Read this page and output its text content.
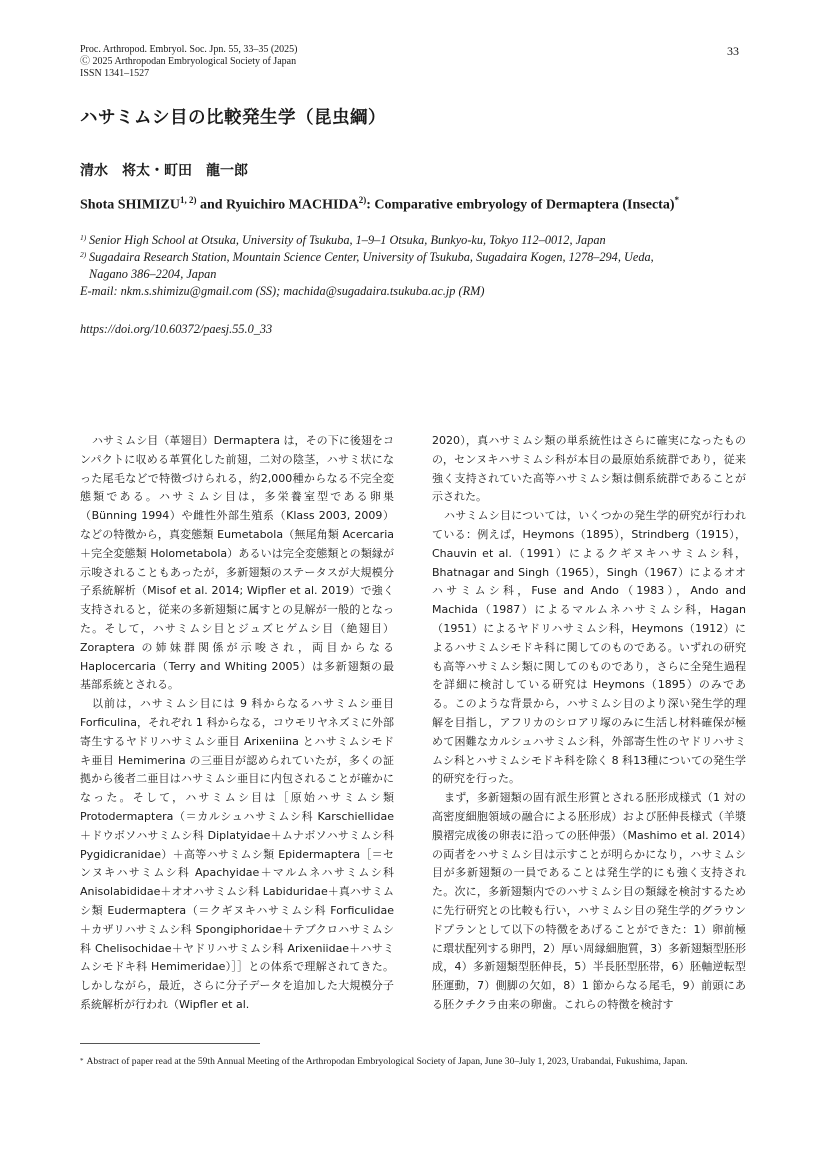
Proc. Arthropod. Embryol. Soc. Jpn. 55, 33–35 (2025)
Ⓒ 2025 Arthropodan Embryological Society of Japan
ISSN 1341–1527
33
ハサミムシ目の比較発生学（昆虫綱）
清水　将太・町田　龍一郎
Shota SHIMIZU$^{1, 2)}$ and Ryuichiro MACHIDA$^{2)}$: Comparative embryology of Dermaptera (Insecta)*
1) Senior High School at Otsuka, University of Tsukuba, 1–9–1 Otsuka, Bunkyo-ku, Tokyo 112–0012, Japan
2) Sugadaira Research Station, Mountain Science Center, University of Tsukuba, Sugadaira Kogen, 1278–294, Ueda,
Nagano 386–2204, Japan
E-mail: nkm.s.shimizu@gmail.com (SS); machida@sugadaira.tsukuba.ac.jp (RM)
https://doi.org/10.60372/paesj.55.0_33

ハサミムシ目（革翅目）Dermaptera は，その下に後翅をコンパクトに収める革質化した前翅，二対の陰茎，ハサミ状になった尾毛などで特徴づけられる，約2,000種からなる不完全変態類である。ハサミムシ目は，多栄養室型である卵巣（Bünning 1994）や雌性外部生殖系（Klass 2003, 2009）などの特徴から，真変態類 Eumetabola（無尾角類 Acercaria＋完全変態類 Holometabola）あるいは完全変態類との類縁が示唆されることもあったが，多新翅類のステータスが大規模分子系統解析（Misof et al. 2014; Wipfler et al. 2019）で強く支持されると，従来の多新翅類に属すとの見解が一般的となった。そして，ハサミムシ目とジュズヒゲムシ目（絶翅目）Zoraptera の姉妹群関係が示唆され，両目からなる Haplocercaria（Terry and Whiting 2005）は多新翅類の最基部系統とされる。

以前は，ハサミムシ目には 9 科からなるハサミムシ亜目 Forficulina，それぞれ 1 科からなる，コウモリヤネズミに外部寄生するヤドリハサミムシ亜目 Arixeniina とハサミムシモドキ亜目 Hemimerina の三亜目が認められていたが，多くの証拠から後者二亜目はハサミムシ亜目に内包されることが確かになった。そして，ハサミムシ目は［原始ハサミムシ類 Protodermaptera（＝カルシュハサミムシ科 Karschiellidae＋ドウボソハサミムシ科 Diplatyidae＋ムナボソハサミムシ科 Pygidicranidae）＋高等ハサミムシ類 Epidermaptera［＝センヌキハサミムシ科 Apachyidae＋マルムネハサミムシ科 Anisolabididae＋オオハサミムシ科 Labiduridae＋真ハサミムシ類 Eudermaptera（＝クギヌキハサミムシ科 Forficulidae＋カザリハサミムシ科 Spongiphoridae＋テブクロハサミムシ科 Chelisochidae＋ヤドリハサミムシ科 Arixeniidae＋ハサミムシモドキ科 Hemimeridae）］］との体系で理解されてきた。しかしながら，最近，さらに分子データを追加した大規模分子系統解析が行われ（Wipfler et al.

2020），真ハサミムシ類の単系統性はさらに確実になったものの，センヌキハサミムシ科が本目の最原始系統群であり，従来強く支持されていた高等ハサミムシ類は側系統群であることが示された。

ハサミムシ目については，いくつかの発生学的研究が行われている：例えば，Heymons（1895），Strindberg（1915），Chauvin et al.（1991）によるクギヌキハサミムシ科，Bhatnagar and Singh（1965），Singh（1967）によるオオハサミムシ科，Fuse and Ando（1983），Ando and Machida（1987）によるマルムネハサミムシ科，Hagan（1951）によるヤドリハサミムシ科，Heymons（1912）によるハサミムシモドキ科に関してのものである。いずれの研究も高等ハサミムシ類に関してのものであり，さらに全発生過程を詳細に検討している研究は Heymons（1895）のみである。このような背景から，ハサミムシ目のより深い発生学的理解を目指し，アフリカのシロアリ塚のみに生活し材料確保が極めて困難なカルシュハサミムシ科，外部寄生性のヤドリハサミムシ科とハサミムシモドキ科を除く 8 科13種についての発生学的研究を行った。

まず，多新翅類の固有派生形質とされる胚形成様式（1 対の高密度細胞領域の融合による胚形成）および胚伸長様式（羊漿膜褶完成後の卵表に沿っての胚伸張）（Mashimo et al. 2014）の両者をハサミムシ目は示すことが明らかになり，ハサミムシ目が多新翅類の一員であることは発生学的にも強く支持された。次に，多新翅類内でのハサミムシ目の類縁を検討するために先行研究との比較も行い，ハサミムシ目の発生学的グラウンドプランとして以下の特徴をあげることができた：1）卵前極に環状配列する卵門，2）厚い周縁細胞質，3）多新翅類型胚形成，4）多新翅類型胚伸長，5）半長胚型胚帯，6）胚軸逆転型胚運動，7）側脚の欠如，8）1 節からなる尾毛，9）前頭にある胚クチクラ由来の卵歯。これらの特徴を検討す

* Abstract of paper read at the 59th Annual Meeting of the Arthropodan Embryological Society of Japan, June 30–July 1, 2023, Urabandai, Fukushima, Japan.
